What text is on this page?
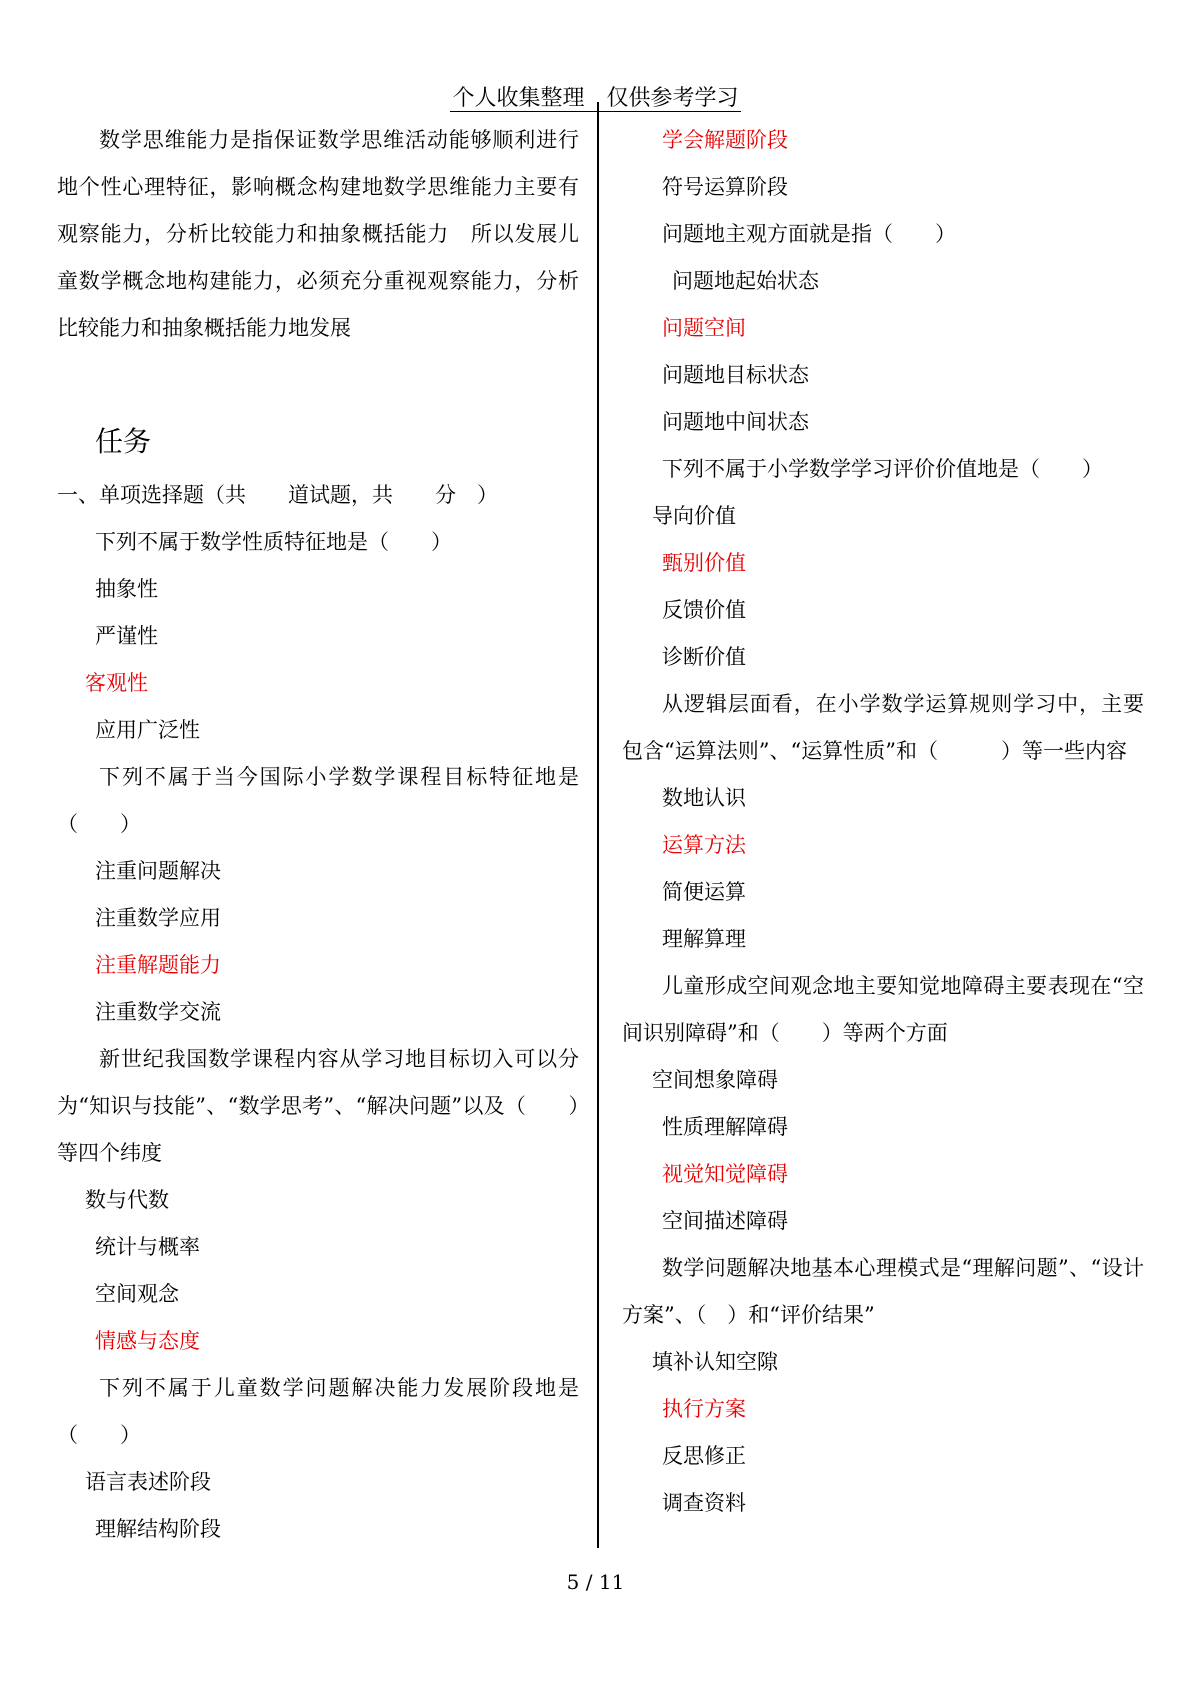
个人收集整理　仅供参考学习
数学思维能力是指保证数学思维活动能够顺利进行地个性心理特征，影响概念构建地数学思维能力主要有观察能力，分析比较能力和抽象概括能力　所以发展儿童数学概念地构建能力，必须充分重视观察能力，分析比较能力和抽象概括能力地发展
任务
一、单项选择题（共　　道试题，共　　分　）
下列不属于数学性质特征地是（　　）
抽象性
严谨性
客观性
应用广泛性
下列不属于当今国际小学数学课程目标特征地是（　　）
注重问题解决
注重数学应用
注重解题能力
注重数学交流
新世纪我国数学课程内容从学习地目标切入可以分为“知识与技能”、“数学思考”、“解决问题”以及（　　）等四个纬度
数与代数
统计与概率
空间观念
情感与态度
下列不属于儿童数学问题解决能力发展阶段地是（　　）
语言表述阶段
理解结构阶段
学会解题阶段
符号运算阶段
问题地主观方面就是指（　　）
问题地起始状态
问题空间
问题地目标状态
问题地中间状态
下列不属于小学数学学习评价价值地是（　　）
导向价值
甄别价值
反馈价值
诊断价值
从逻辑层面看，在小学数学运算规则学习中，主要包含“运算法则”、“运算性质”和（　　　）等一些内容
数地认识
运算方法
简便运算
理解算理
儿童形成空间观念地主要知觉地障碍主要表现在“空间识别障碍”和（　　）等两个方面
空间想象障碍
性质理解障碍
视觉知觉障碍
空间描述障碍
数学问题解决地基本心理模式是“理解问题”、“设计方案”、（　）和“评价结果”
填补认知空隙
执行方案
反思修正
调查资料
5 / 11
